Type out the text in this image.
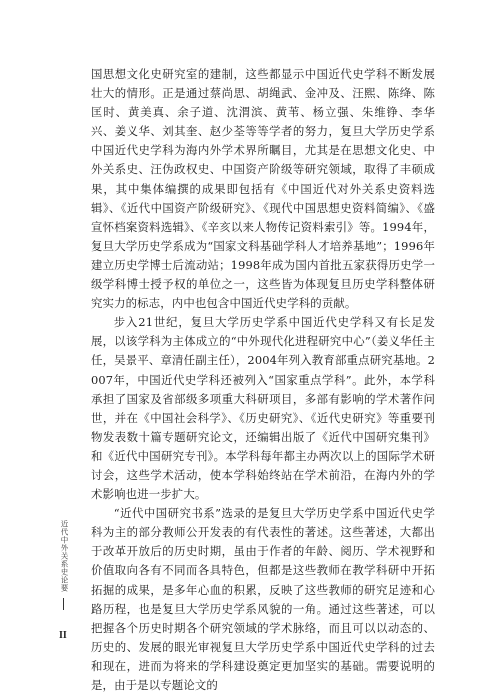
国思想文化史研究室的建制，这些都显示中国近代史学科不断发展壮大的情形。正是通过蔡尚思、胡绳武、金冲及、汪熙、陈绛、陈匡时、黄美真、余子道、沈渭滨、黄苇、杨立强、朱维铮、李华兴、姜义华、刘其奎、赵少荃等等学者的努力，复旦大学历史学系中国近代史学科为海内外学术界所瞩目，尤其是在思想文化史、中外关系史、汪伪政权史、中国资产阶级等研究领域，取得了丰硕成果，其中集体编撰的成果即包括有《中国近代对外关系史资料选辑》、《近代中国资产阶级研究》、《现代中国思想史资料简编》、《盛宣怀档案资料选辑》、《辛亥以来人物传记资料索引》等。1994年，复旦大学历史学系成为“国家文科基础学科人才培养基地”；1996年建立历史学博士后流动站；1998年成为国内首批五家获得历史学一级学科博士授予权的单位之一，这些皆为体现复旦历史学科整体研究实力的标志，内中也包含中国近代史学科的贡献。

步入21世纪，复旦大学历史学系中国近代史学科又有长足发展，以该学科为主体成立的“中外现代化进程研究中心”（姜义华任主任，吴景平、章清任副主任），2004年列入教育部重点研究基地。2007年，中国近代史学科还被列入“国家重点学科”。此外，本学科承担了国家及省部级多项重大科研项目，多部有影响的学术著作问世，并在《中国社会科学》、《历史研究》、《近代史研究》等重要刊物发表数十篇专题研究论文，还编辑出版了《近代中国研究集刊》和《近代中国研究专刊》。本学科每年都主办两次以上的国际学术研讨会，这些学术活动，使本学科始终站在学术前沿，在海内外的学术影响也进一步扩大。

“近代中国研究书系”选录的是复旦大学历史学系中国近代史学科为主的部分教师公开发表的有代表性的著述。这些著述，大都出于改革开放后的历史时期，虽由于作者的年龄、阅历、学术视野和价值取向各有不同而各具特色，但都是这些教师在教学科研中开拓拓掘的成果，是多年心血的积累，反映了这些教师的研究足迹和心路历程，也是复旦大学历史学系风貌的一角。通过这些著述，可以把握各个历史时期各个研究领域的学术脉络，而且可以以动态的、历史的、发展的眼光审视复旦大学历史学系中国近代史学科的过去和现在，进而为将来的学科建设奠定更加坚实的基础。需要说明的是，由于是以专题论文的

近代中外关系史论要
II
